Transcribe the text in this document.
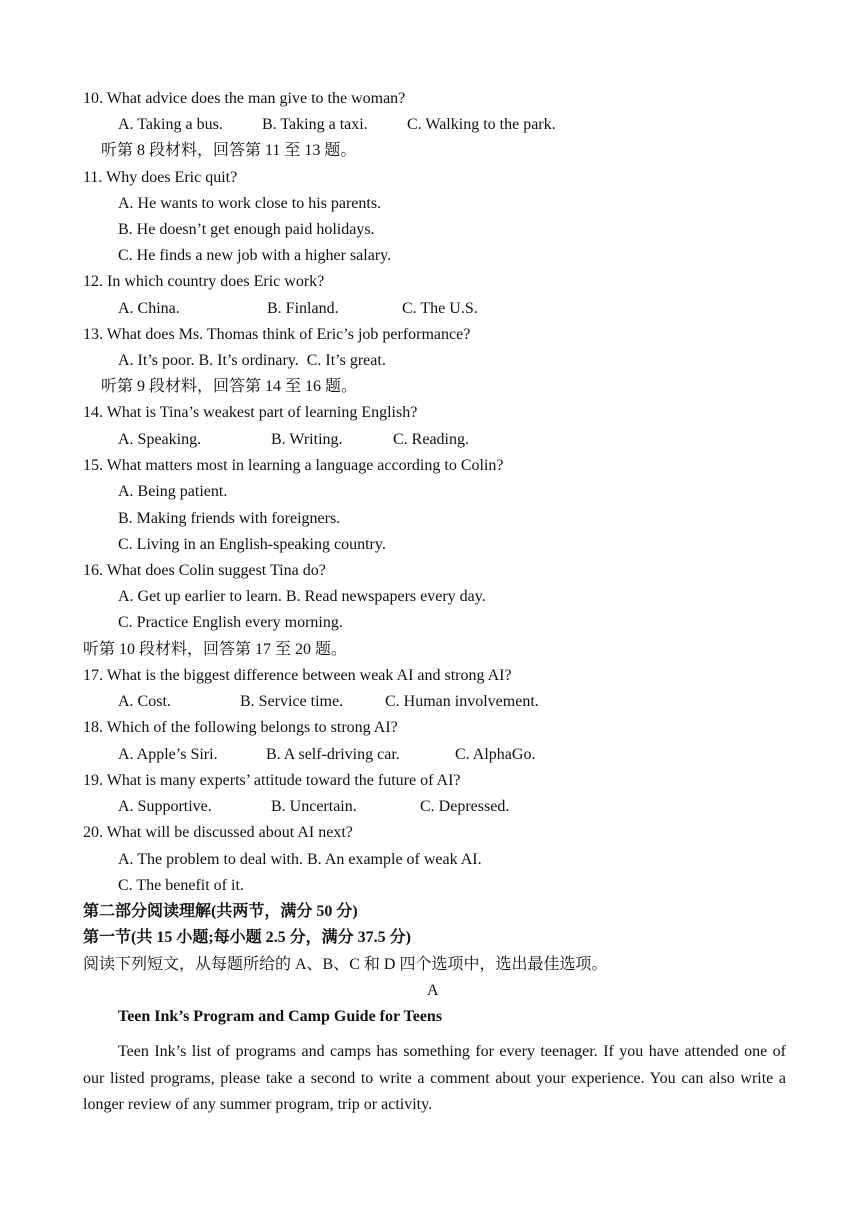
10. What advice does the man give to the woman?
A. Taking a bus. B. Taking a taxi. C. Walking to the park.
听第 8 段材料，回答第 11 至 13 题。
11. Why does Eric quit?
A. He wants to work close to his parents.
B. He doesn’t get enough paid holidays.
C. He finds a new job with a higher salary.
12. In which country does Eric work?
A. China.	B. Finland.	C. The U.S.
13. What does Ms. Thomas think of Eric’s job performance?
A. It’s poor. B. It’s ordinary.  C. It’s great.
听第 9 段材料，回答第 14 至 16 题。
14. What is Tina’s weakest part of learning English?
A. Speaking.	B. Writing.	C. Reading.
15. What matters most in learning a language according to Colin?
A. Being patient.
B. Making friends with foreigners.
C. Living in an English-speaking country.
16. What does Colin suggest Tina do?
A. Get up earlier to learn. B. Read newspapers every day.
C. Practice English every morning.
听第 10 段材料，回答第 17 至 20 题。
17. What is the biggest difference between weak AI and strong AI?
A. Cost.	B. Service time.	C. Human involvement.
18. Which of the following belongs to strong AI?
A. Apple’s Siri.	B. A self-driving car.	C. AlphaGo.
19. What is many experts’ attitude toward the future of AI?
A. Supportive.	B. Uncertain.	C. Depressed.
20. What will be discussed about AI next?
A. The problem to deal with. B. An example of weak AI.
C. The benefit of it.
第二部分阅读理解(共两节，满分 50 分)
第一节(共 15 小题;每小题 2.5 分，满分 37.5 分)
阅读下列短文，从每题所给的 A、B、C 和 D 四个选项中，选出最佳选项。
A
Teen Ink’s Program and Camp Guide for Teens
Teen Ink’s list of programs and camps has something for every teenager. If you have attended one of our listed programs, please take a second to write a comment about your experience. You can also write a longer review of any summer program, trip or activity.
